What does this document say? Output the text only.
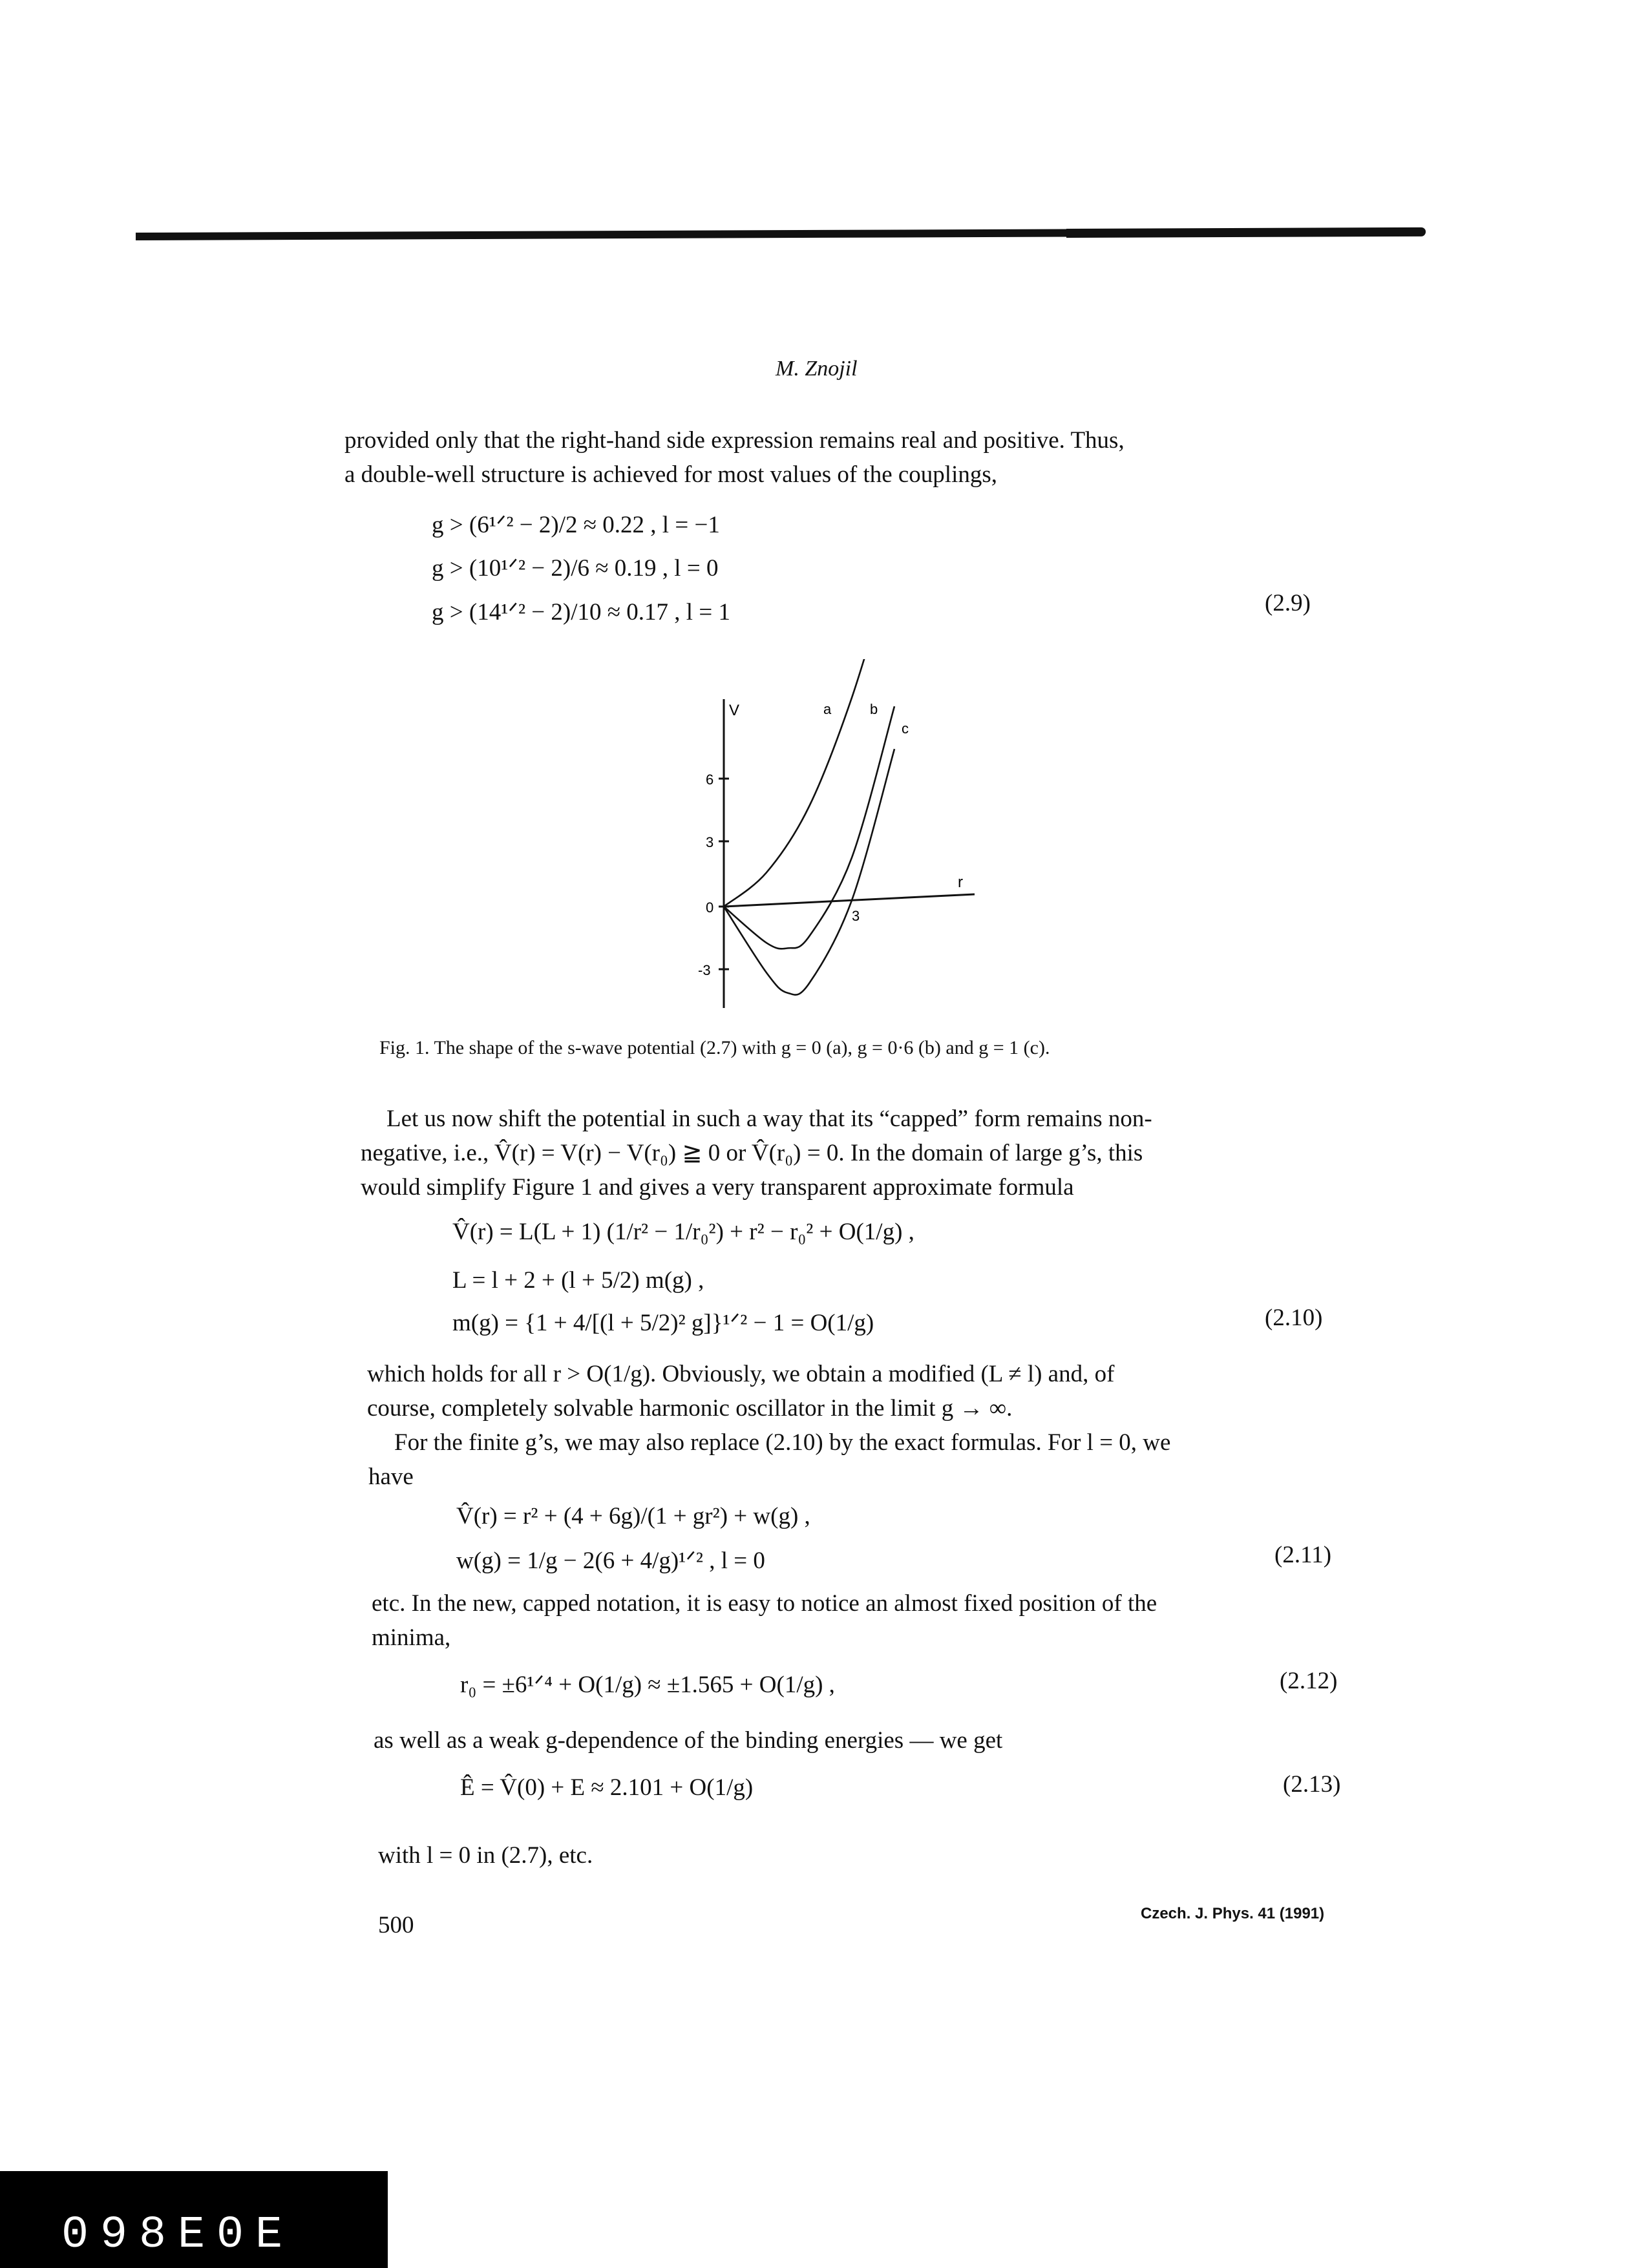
M. Znojil
provided only that the right-hand side expression remains real and positive. Thus,
a double-well structure is achieved for most values of the couplings,
g > (6¹ᐟ² − 2)/2 ≈ 0.22 , l = −1
g > (10¹ᐟ² − 2)/6 ≈ 0.19 , l = 0
g > (14¹ᐟ² − 2)/10 ≈ 0.17 , l = 1	(2.9)
V
r
6
3
0
-3
3
a	b
c
Fig. 1. The shape of the s-wave potential (2.7) with g = 0 (a), g = 0·6 (b) and g = 1 (c).
Let us now shift the potential in such a way that its “capped” form remains non-
negative, i.e., V̂(r) = V(r) − V(r₀) ≧ 0 or V̂(r₀) = 0. In the domain of large g’s, this
would simplify Figure 1 and gives a very transparent approximate formula
V̂(r) = L(L + 1) (1/r² − 1/r₀²) + r² − r₀² + O(1/g) ,
L = l + 2 + (l + 5/2) m(g) ,
m(g) = {1 + 4/[(l + 5/2)² g]}¹ᐟ² − 1 = O(1/g)	(2.10)
which holds for all r > O(1/g). Obviously, we obtain a modified (L ≠ l) and, of
course, completely solvable harmonic oscillator in the limit g → ∞.
For the finite g’s, we may also replace (2.10) by the exact formulas. For l = 0, we
have
V̂(r) = r² + (4 + 6g)/(1 + gr²) + w(g) ,
w(g) = 1/g − 2(6 + 4/g)¹ᐟ² , l = 0	(2.11)
etc. In the new, capped notation, it is easy to notice an almost fixed position of the
minima,
r₀ = ±6¹ᐟ⁴ + O(1/g) ≈ ±1.565 + O(1/g) ,	(2.12)
as well as a weak g-dependence of the binding energies — we get
Ê = V̂(0) + E ≈ 2.101 + O(1/g)	(2.13)
with l = 0 in (2.7), etc.
500	Czech. J. Phys. 41 (1991)
098E0E
